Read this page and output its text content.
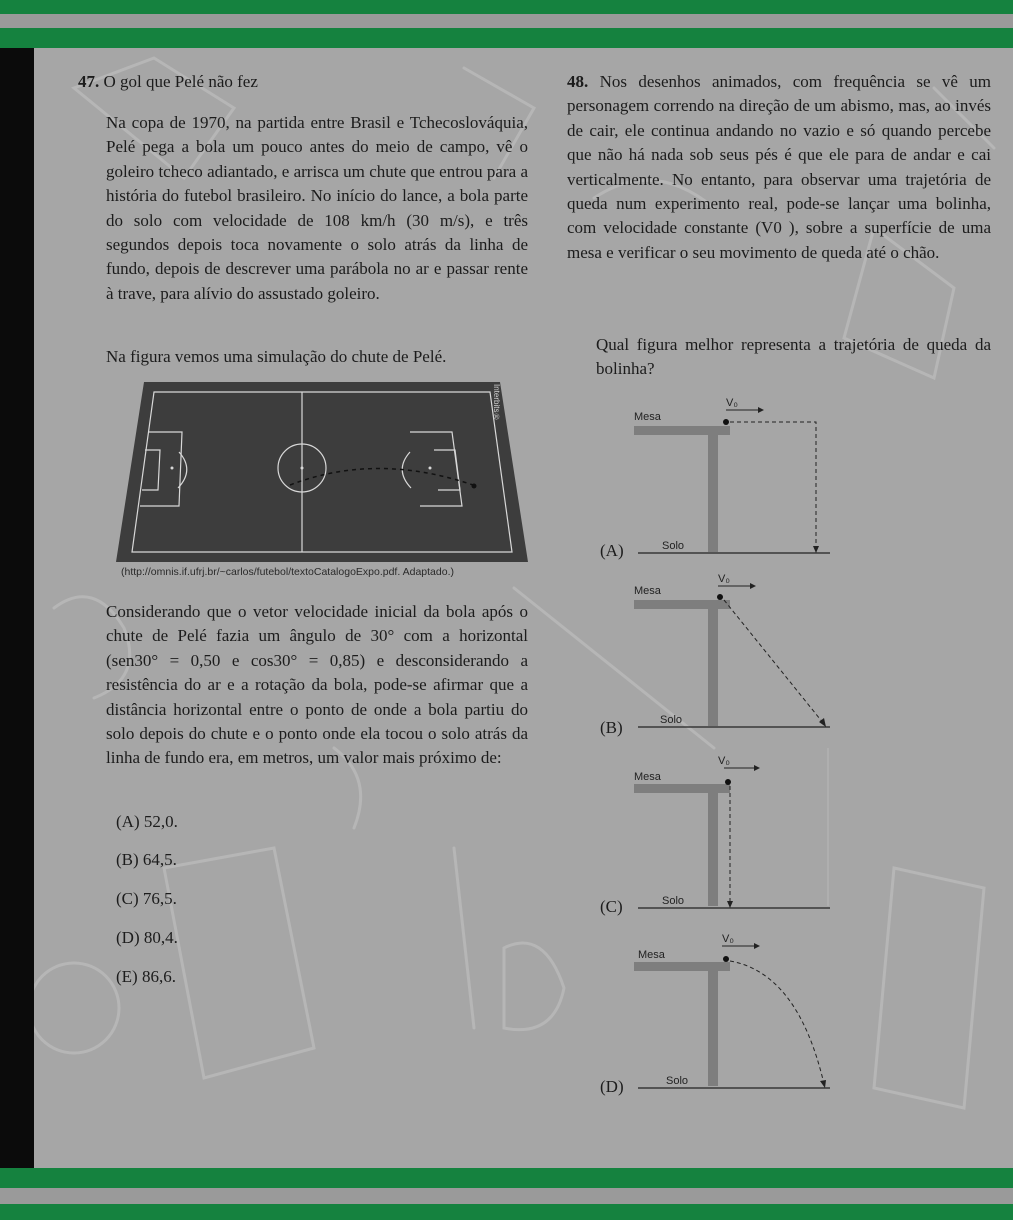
47. O gol que Pelé não fez
Na copa de 1970, na partida entre Brasil e Tchecoslováquia, Pelé pega a bola um pouco antes do meio de campo, vê o goleiro tcheco adiantado, e arrisca um chute que entrou para a história do futebol brasileiro. No início do lance, a bola parte do solo com velocidade de 108 km/h (30 m/s), e três segundos depois toca novamente o solo atrás da linha de fundo, depois de descrever uma parábola no ar e passar rente à trave, para alívio do assustado goleiro.
Na figura vemos uma simulação do chute de Pelé.
Interbits®
(http://omnis.if.ufrj.br/~carlos/futebol/textoCatalogoExpo.pdf. Adaptado.)
Considerando que o vetor velocidade inicial da bola após o chute de Pelé fazia um ângulo de 30° com a horizontal (sen30° = 0,50 e cos30° = 0,85) e desconsiderando a resistência do ar e a rotação da bola, pode-se afirmar que a distância horizontal entre o ponto de onde a bola partiu do solo depois do chute e o ponto onde ela tocou o solo atrás da linha de fundo era, em metros, um valor mais próximo de:
(A) 52,0.
(B) 64,5.
(C) 76,5.
(D) 80,4.
(E) 86,6.
48. Nos desenhos animados, com frequência se vê um personagem correndo na direção de um abismo, mas, ao invés de cair, ele continua andando no vazio e só quando percebe que não há nada sob seus pés é que ele para de andar e cai verticalmente. No entanto, para observar uma trajetória de queda num experimento real, pode-se lançar uma bolinha, com velocidade constante (V0 ), sobre a superfície de uma mesa e verificar o seu movimento de queda até o chão.
Qual figura melhor representa a trajetória de queda da bolinha?
Mesa
Solo
V₀
(A)
Mesa
Solo
V₀
(B)
Mesa
Solo
V₀
(C)
Mesa
Solo
V₀
(D)
